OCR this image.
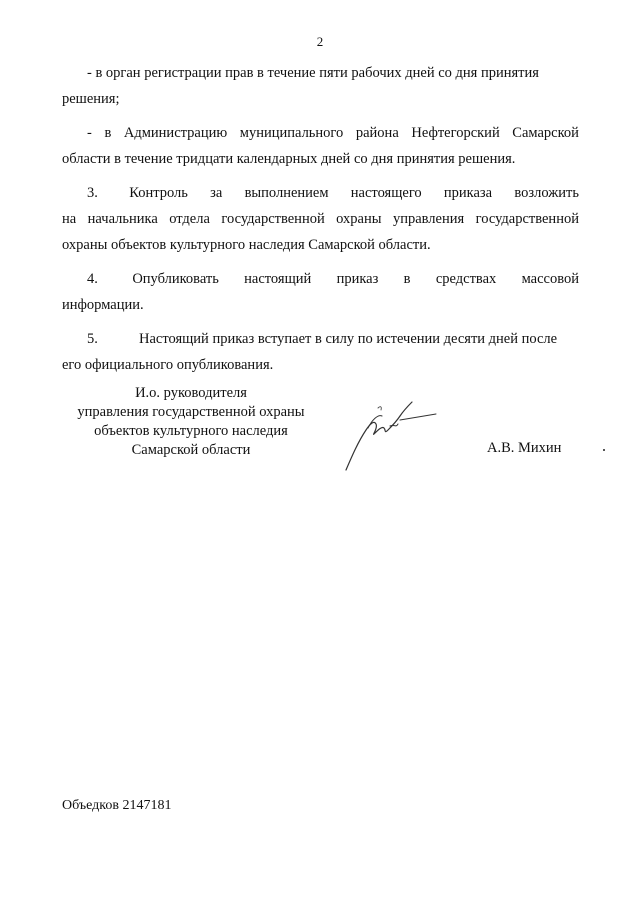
2

- в орган регистрации прав в течение пяти рабочих дней со дня принятия
решения;

- в Администрацию муниципального района Нефтегорский Самарской
области в течение тридцати календарных дней со дня принятия решения.

3.	Контроль за выполнением настоящего приказа возложить
на начальника отдела государственной охраны управления государственной
охраны объектов культурного наследия Самарской области.

4.	Опубликовать настоящий приказ в средствах массовой
информации.

5.	Настоящий приказ вступает в силу по истечении десяти дней после
его официального опубликования.

И.о. руководителя
управления государственной охраны
объектов культурного наследия
Самарской области	А.В. Михин
Объедков 2147181
